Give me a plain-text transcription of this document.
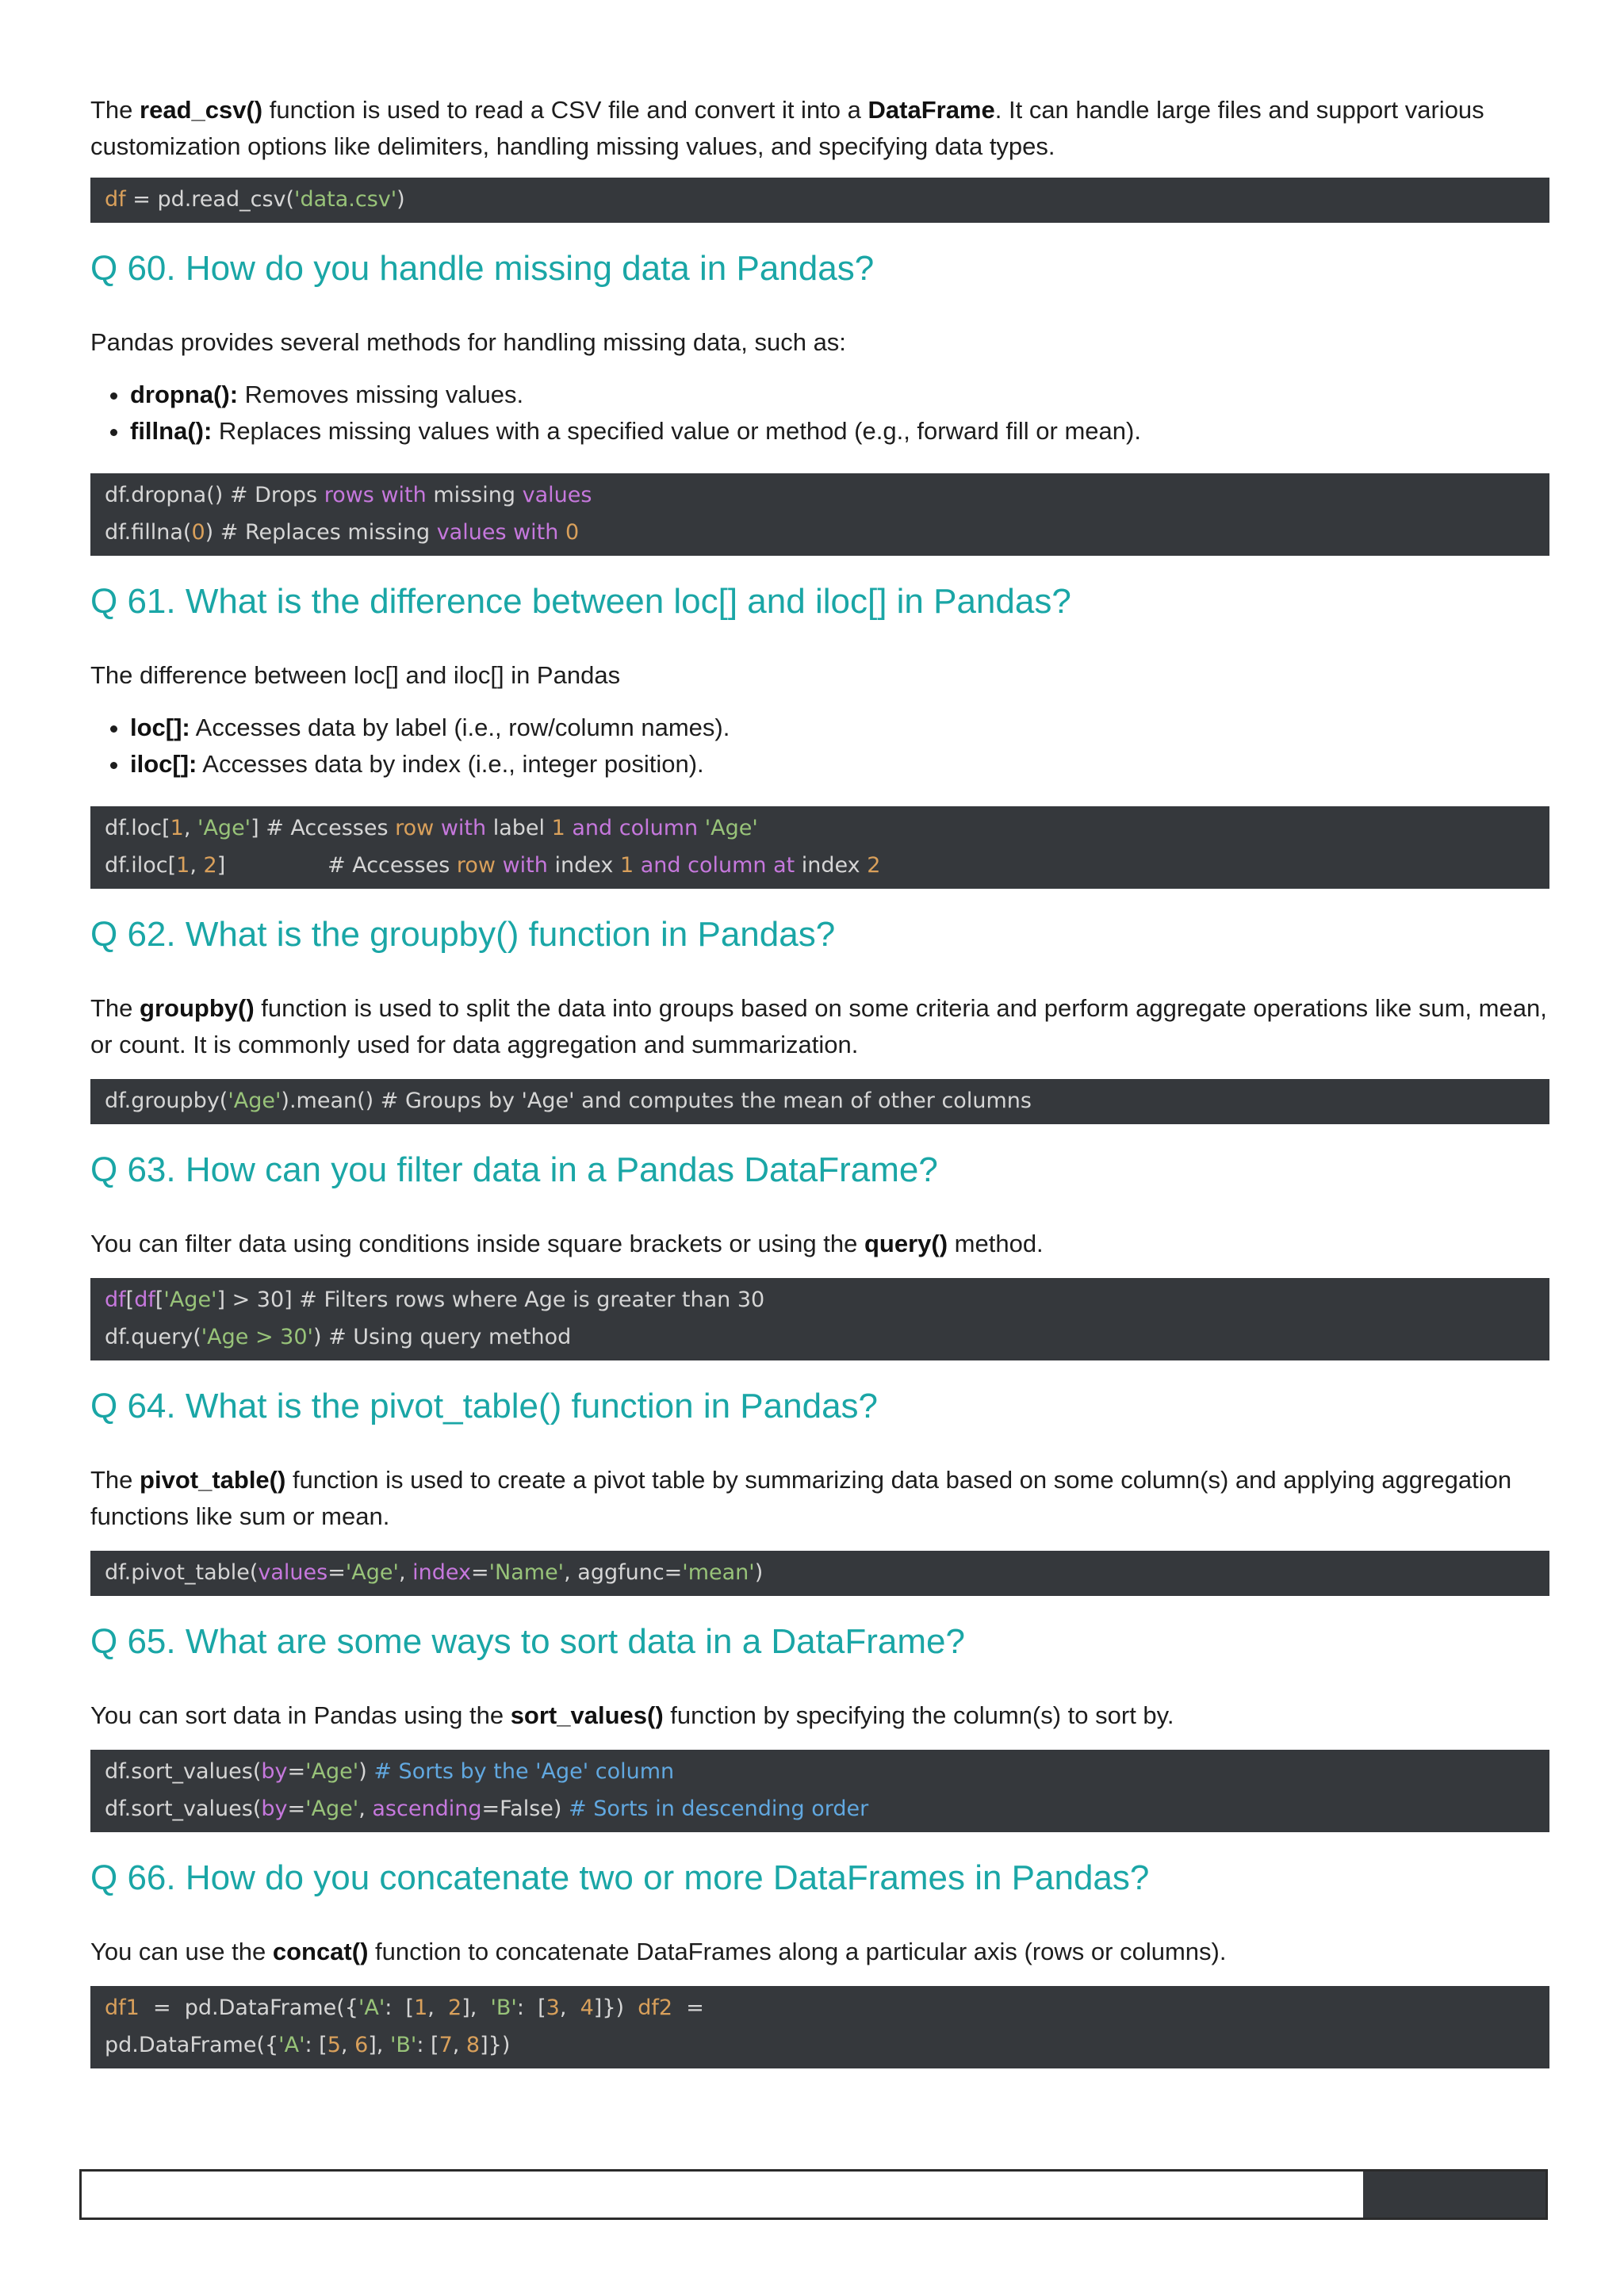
The read_csv() function is used to read a CSV file and convert it into a DataFrame. It can handle large files and support various customization options like delimiters, handling missing values, and specifying data types.

df = pd.read_csv('data.csv')
Q 60. How do you handle missing data in Pandas?

Pandas provides several methods for handling missing data, such as:

• dropna(): Removes missing values.
• fillna(): Replaces missing values with a specified value or method (e.g., forward fill or mean).
df.dropna() # Drops rows with missing values
df.fillna(0) # Replaces missing values with 0
Q 61. What is the difference between loc[] and iloc[] in Pandas?

The difference between loc[] and iloc[] in Pandas

• loc[]: Accesses data by label (i.e., row/column names).
• iloc[]: Accesses data by index (i.e., integer position).
df.loc[1, 'Age'] # Accesses row with label 1 and column 'Age'
df.iloc[1, 2]               # Accesses row with index 1 and column at index 2
Q 62. What is the groupby() function in Pandas?

The groupby() function is used to split the data into groups based on some criteria and perform aggregate operations like sum, mean, or count. It is commonly used for data aggregation and summarization.

df.groupby('Age').mean() # Groups by 'Age' and computes the mean of other columns
Q 63. How can you filter data in a Pandas DataFrame?

You can filter data using conditions inside square brackets or using the query() method.

df[df['Age'] > 30] # Filters rows where Age is greater than 30
df.query('Age > 30') # Using query method
Q 64. What is the pivot_table() function in Pandas?

The pivot_table() function is used to create a pivot table by summarizing data based on some column(s) and applying aggregation functions like sum or mean.

df.pivot_table(values='Age', index='Name', aggfunc='mean')
Q 65. What are some ways to sort data in a DataFrame?

You can sort data in Pandas using the sort_values() function by specifying the column(s) to sort by.

df.sort_values(by='Age') # Sorts by the 'Age' column
df.sort_values(by='Age', ascending=False) # Sorts in descending order
Q 66. How do you concatenate two or more DataFrames in Pandas?

You can use the concat() function to concatenate DataFrames along a particular axis (rows or columns).

df1  =  pd.DataFrame({'A':  [1,  2],  'B':  [3,  4]})  df2  =
pd.DataFrame({'A': [5, 6], 'B': [7, 8]})
